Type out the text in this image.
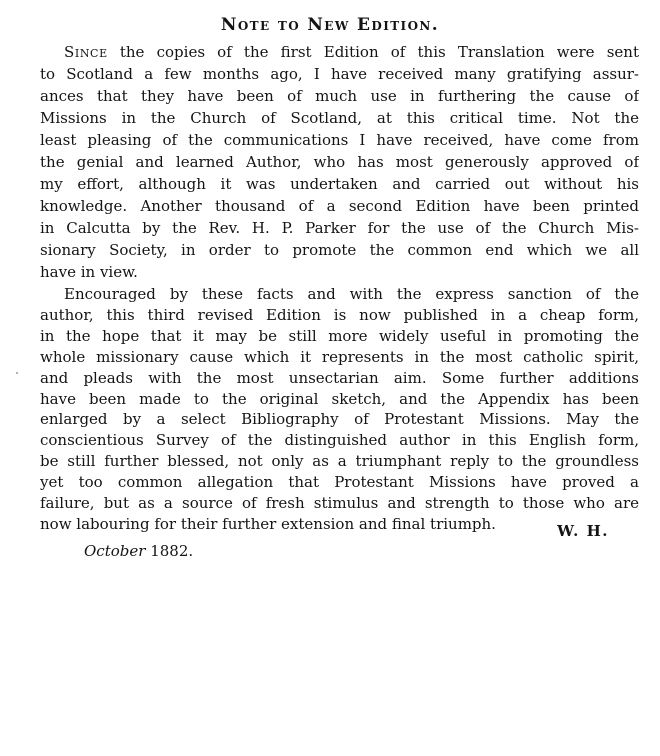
Note to New Edition.
Since the copies of the first Edition of this Translation were sent
to Scotland a few months ago, I have received many gratifying assur-
ances that they have been of much use in furthering the cause of
Missions in the Church of Scotland, at this critical time. Not the
least pleasing of the communications I have received, have come from
the genial and learned Author, who has most generously approved of
my effort, although it was undertaken and carried out without his
knowledge. Another thousand of a second Edition have been printed
in Calcutta by the Rev. H. P. Parker for the use of the Church Mis-
sionary Society, in order to promote the common end which we all
have in view.
Encouraged by these facts and with the express sanction of the
author, this third revised Edition is now published in a cheap form,
in the hope that it may be still more widely useful in promoting the
whole missionary cause which it represents in the most catholic spirit,
and pleads with the most unsectarian aim. Some further additions
have been made to the original sketch, and the Appendix has been
enlarged by a select Bibliography of Protestant Missions. May the
conscientious Survey of the distinguished author in this English form,
be still further blessed, not only as a triumphant reply to the groundless
yet too common allegation that Protestant Missions have proved a
failure, but as a source of fresh stimulus and strength to those who are
now labouring for their further extension and final triumph.	W. H.
October 1882.
